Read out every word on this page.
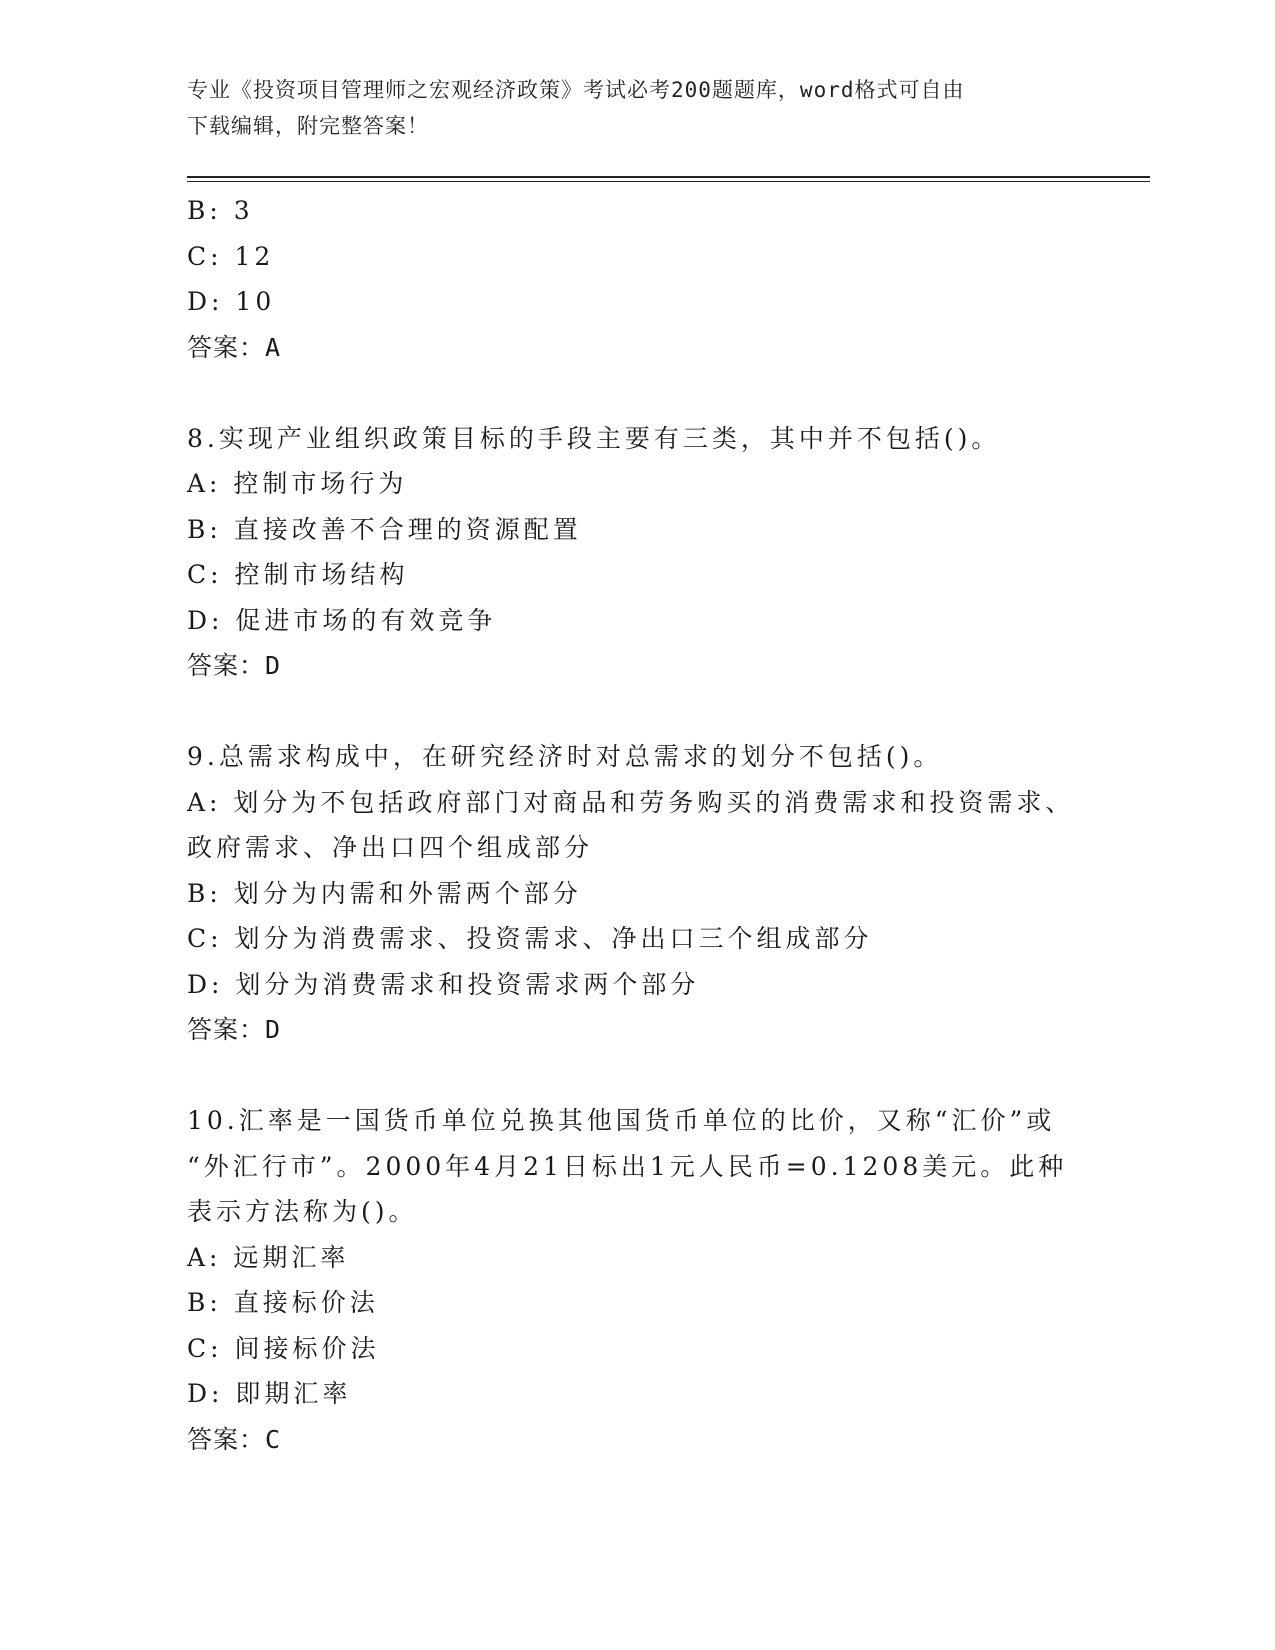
专业《投资项目管理师之宏观经济政策》考试必考200题题库，word格式可自由
下载编辑，附完整答案！
B: 3
C: 12
D: 10
答案：A
8.实现产业组织政策目标的手段主要有三类，其中并不包括()。
A: 控制市场行为
B: 直接改善不合理的资源配置
C: 控制市场结构
D: 促进市场的有效竞争
答案：D
9.总需求构成中，在研究经济时对总需求的划分不包括()。
A: 划分为不包括政府部门对商品和劳务购买的消费需求和投资需求、
政府需求、净出口四个组成部分
B: 划分为内需和外需两个部分
C: 划分为消费需求、投资需求、净出口三个组成部分
D: 划分为消费需求和投资需求两个部分
答案：D
10.汇率是一国货币单位兑换其他国货币单位的比价，又称“汇价”或
“外汇行市”。2000年4月21日标出1元人民币=0.1208美元。此种
表示方法称为()。
A: 远期汇率
B: 直接标价法
C: 间接标价法
D: 即期汇率
答案：C
